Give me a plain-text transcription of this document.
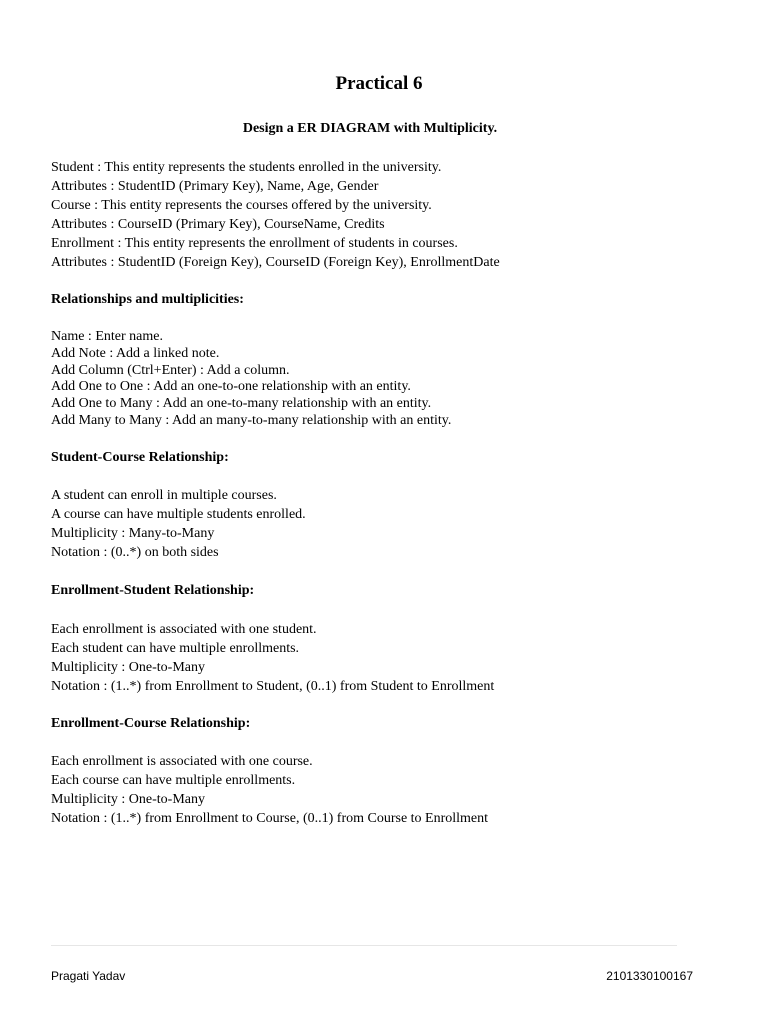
Practical 6
Design a ER DIAGRAM with Multiplicity.
Student : This entity represents the students enrolled in the university.
Attributes : StudentID (Primary Key), Name, Age, Gender
Course : This entity represents the courses offered by the university.
Attributes : CourseID (Primary Key), CourseName, Credits
Enrollment : This entity represents the enrollment of students in courses.
Attributes : StudentID (Foreign Key), CourseID (Foreign Key), EnrollmentDate
Relationships and multiplicities:
Name : Enter name.
Add Note : Add a linked note.
Add Column (Ctrl+Enter) : Add a column.
Add One to One : Add an one-to-one relationship with an entity.
Add One to Many : Add an one-to-many relationship with an entity.
Add Many to Many : Add an many-to-many relationship with an entity.
Student-Course Relationship:
A student can enroll in multiple courses.
A course can have multiple students enrolled.
Multiplicity : Many-to-Many
Notation : (0..*) on both sides
Enrollment-Student Relationship:
Each enrollment is associated with one student.
Each student can have multiple enrollments.
Multiplicity : One-to-Many
Notation : (1..*) from Enrollment to Student, (0..1) from Student to Enrollment
Enrollment-Course Relationship:
Each enrollment is associated with one course.
Each course can have multiple enrollments.
Multiplicity : One-to-Many
Notation : (1..*) from Enrollment to Course, (0..1) from Course to Enrollment
Pragati Yadav	2101330100167
